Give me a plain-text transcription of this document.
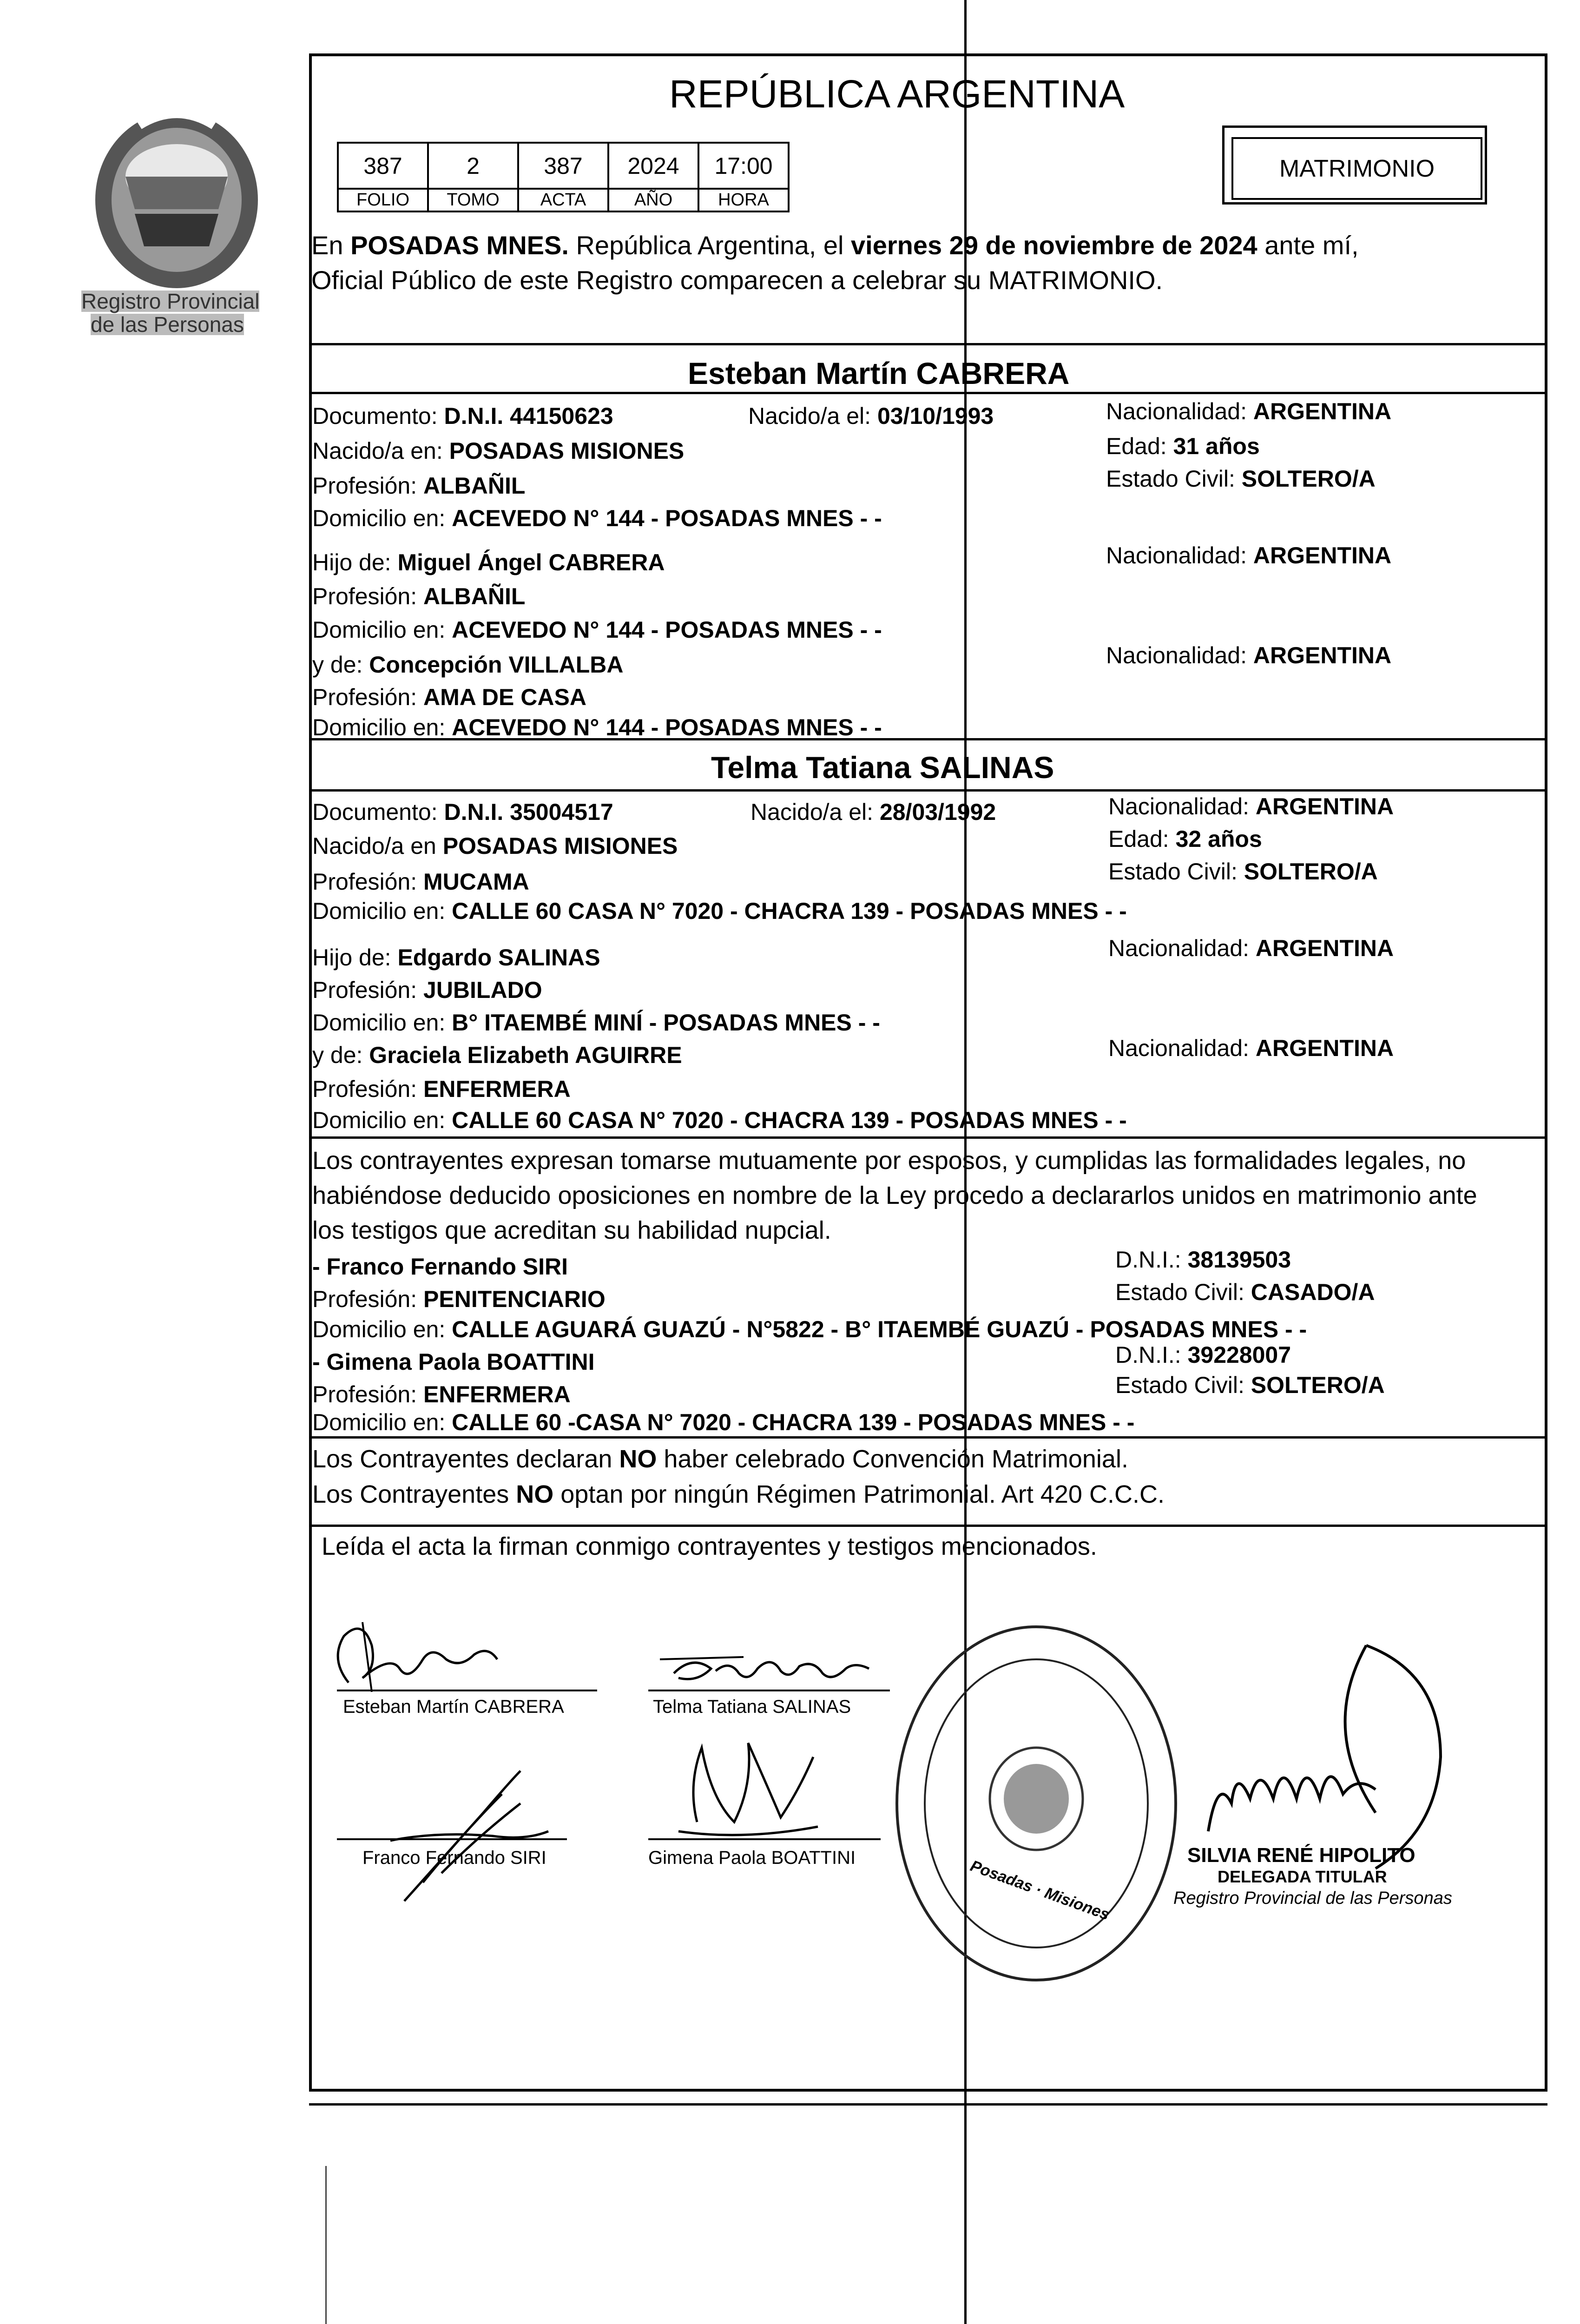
Registro Provincial
de las Personas
REPÚBLICA ARGENTINA
387	2	387	2024	17:00
FOLIO	TOMO	ACTA	AÑO	HORA
MATRIMONIO
En POSADAS MNES. República Argentina, el viernes 29 de noviembre de 2024 ante mí,
Oficial Público de este Registro comparecen a celebrar su MATRIMONIO.
Esteban Martín CABRERA
Documento: D.N.I. 44150623	Nacido/a el: 03/10/1993	Nacionalidad: ARGENTINA
Nacido/a en: POSADAS MISIONES	Edad: 31 años
Profesión: ALBAÑIL	Estado Civil: SOLTERO/A
Domicilio en: ACEVEDO N° 144 - POSADAS MNES - -
Hijo de: Miguel Ángel CABRERA	Nacionalidad: ARGENTINA
Profesión: ALBAÑIL
Domicilio en: ACEVEDO N° 144 - POSADAS MNES - -
y de: Concepción VILLALBA	Nacionalidad: ARGENTINA
Profesión: AMA DE CASA
Domicilio en: ACEVEDO N° 144 - POSADAS MNES - -
Telma Tatiana SALINAS
Documento: D.N.I. 35004517	Nacido/a el: 28/03/1992	Nacionalidad: ARGENTINA
Nacido/a en POSADAS MISIONES	Edad: 32 años
Profesión: MUCAMA	Estado Civil: SOLTERO/A
Domicilio en: CALLE 60 CASA N° 7020 - CHACRA 139 - POSADAS MNES - -
Hijo de: Edgardo SALINAS	Nacionalidad: ARGENTINA
Profesión: JUBILADO
Domicilio en: B° ITAEMBÉ MINÍ - POSADAS MNES - -
y de: Graciela Elizabeth AGUIRRE	Nacionalidad: ARGENTINA
Profesión: ENFERMERA
Domicilio en: CALLE 60 CASA N° 7020 - CHACRA 139 - POSADAS MNES - -
Los contrayentes expresan tomarse mutuamente por esposos, y cumplidas las formalidades legales, no
habiéndose deducido oposiciones en nombre de la Ley procedo a declararlos unidos en matrimonio ante
los testigos que acreditan su habilidad nupcial.
- Franco Fernando SIRI	D.N.I.: 38139503
Profesión: PENITENCIARIO	Estado Civil: CASADO/A
Domicilio en: CALLE AGUARÁ GUAZÚ - N°5822 - B° ITAEMBÉ GUAZÚ - POSADAS MNES - -
- Gimena Paola BOATTINI	D.N.I.: 39228007
Profesión: ENFERMERA	Estado Civil: SOLTERO/A
Domicilio en: CALLE 60 -CASA N° 7020 - CHACRA 139 - POSADAS MNES - -
Los Contrayentes declaran NO haber celebrado Convención Matrimonial.
Los Contrayentes NO optan por ningún Régimen Patrimonial. Art 420 C.C.C.
Leída el acta la firman conmigo contrayentes y testigos mencionados.
Esteban Martín CABRERA	Telma Tatiana SALINAS
Franco Fernando SIRI	Gimena Paola BOATTINI	Posadas · Misiones
SILVIA RENÉ HIPOLITO
DELEGADA TITULAR
Registro Provincial de las Personas
